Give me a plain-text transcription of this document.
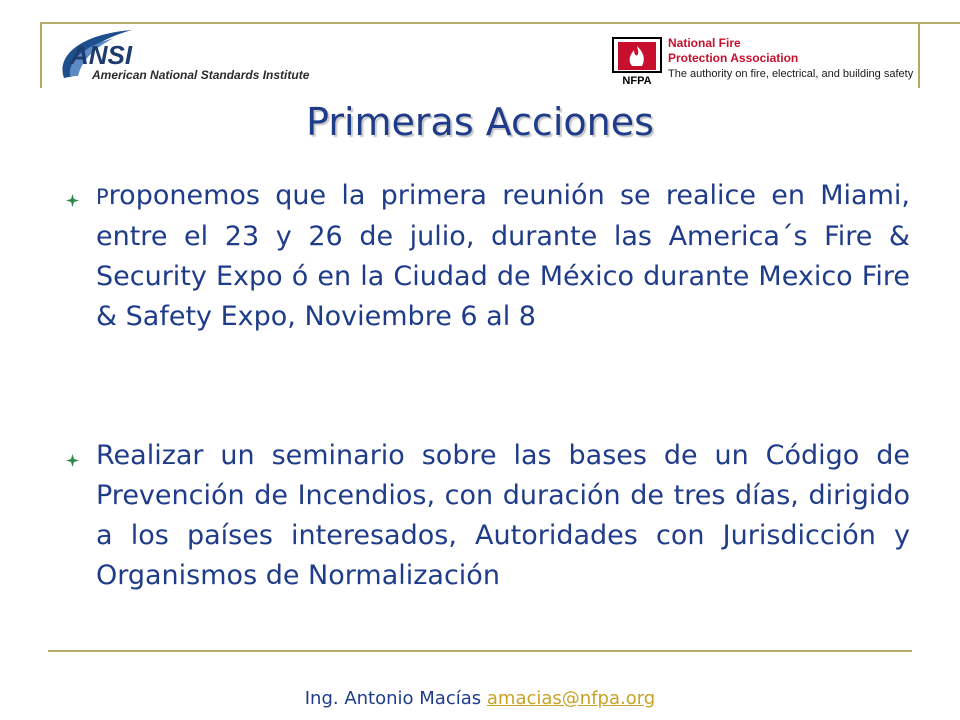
ANSI
American National Standards Institute	NFPA
National Fire
Protection Association
The authority on fire, electrical, and building safety
Primeras Acciones
Proponemos que la primera reunión se realice en Miami, entre el 23 y 26 de julio, durante las America´s Fire & Security Expo ó en la Ciudad de México durante Mexico Fire & Safety Expo, Noviembre 6 al 8
Realizar un seminario sobre las bases de un Código de Prevención de Incendios, con duración de tres días, dirigido a los países interesados, Autoridades con Jurisdicción y Organismos de Normalización
Ing. Antonio Macías amacias@nfpa.org
